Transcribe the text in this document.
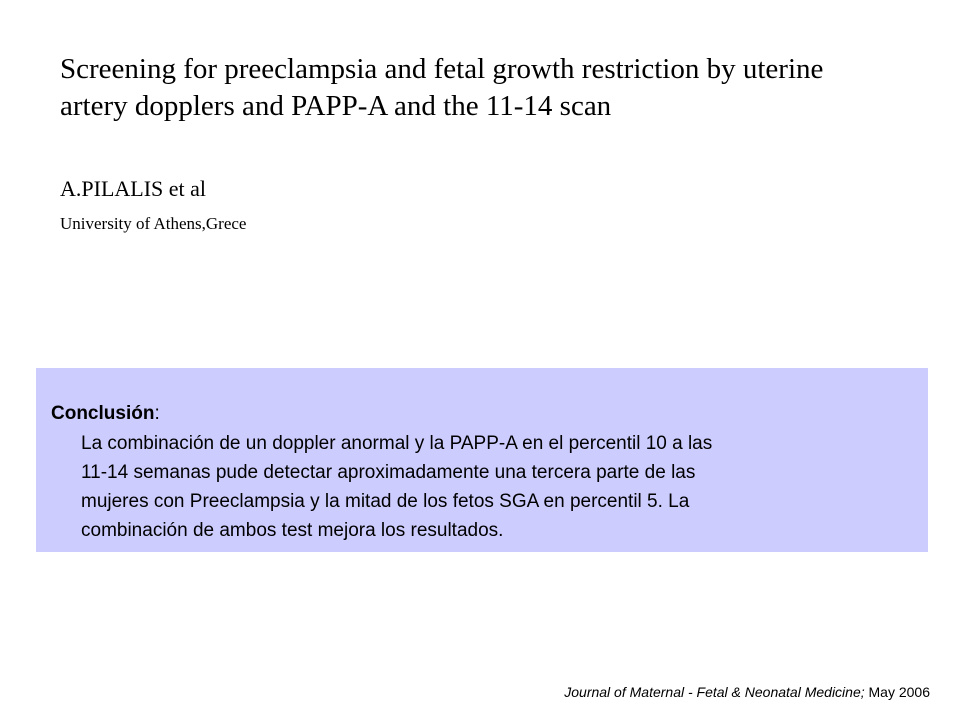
Screening for preeclampsia and fetal growth restriction by uterine
artery dopplers and PAPP-A and the 11-14 scan
A.PILALIS et al
University of Athens,Grece
Conclusión:
La combinación de un doppler anormal y la PAPP-A en el percentil 10 a las
11-14 semanas pude detectar aproximadamente una tercera parte de las
mujeres con Preeclampsia y la mitad de los fetos SGA en percentil 5. La
combinación de ambos test mejora los resultados.
Journal of Maternal - Fetal & Neonatal Medicine; May 2006
